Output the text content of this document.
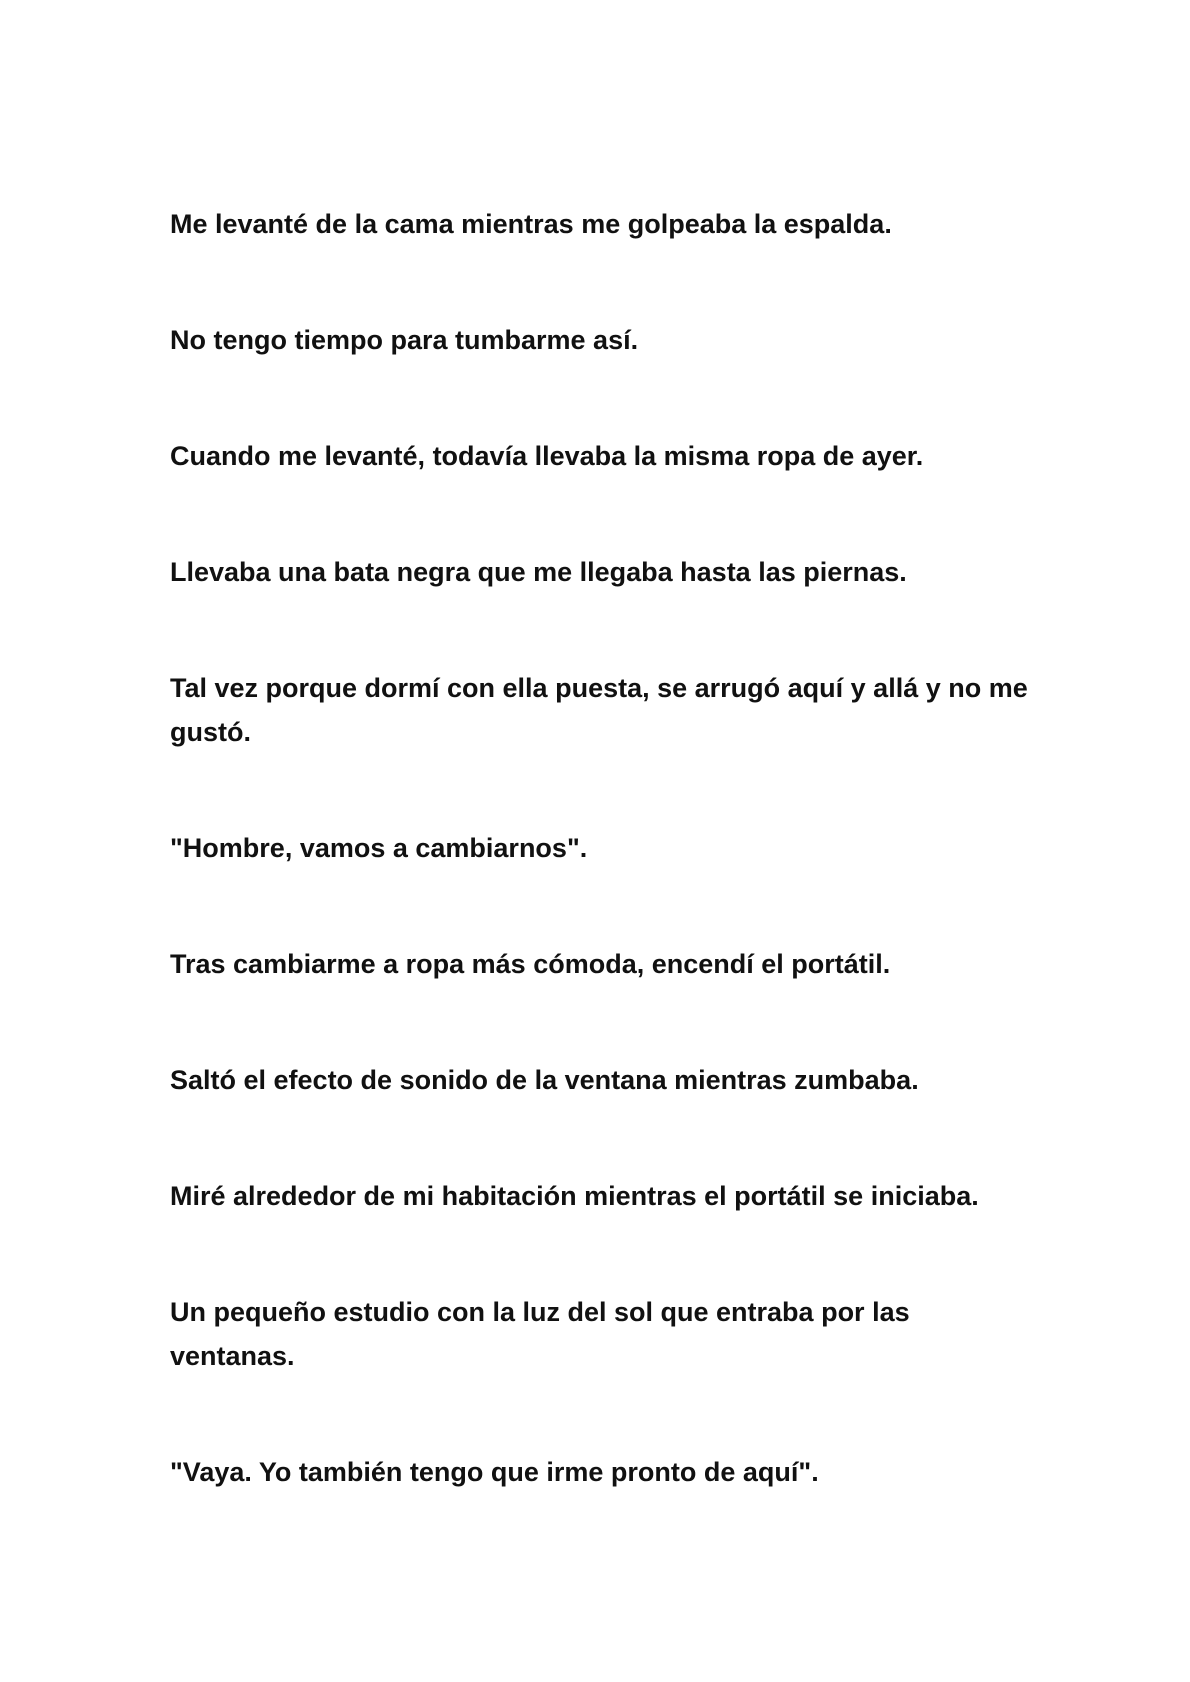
Me levanté de la cama mientras me golpeaba la espalda.

No tengo tiempo para tumbarme así.

Cuando me levanté, todavía llevaba la misma ropa de ayer.

Llevaba una bata negra que me llegaba hasta las piernas.

Tal vez porque dormí con ella puesta, se arrugó aquí y allá y no me gustó.

"Hombre, vamos a cambiarnos".

Tras cambiarme a ropa más cómoda, encendí el portátil.

Saltó el efecto de sonido de la ventana mientras zumbaba.

Miré alrededor de mi habitación mientras el portátil se iniciaba.

Un pequeño estudio con la luz del sol que entraba por las ventanas.

"Vaya. Yo también tengo que irme pronto de aquí".
